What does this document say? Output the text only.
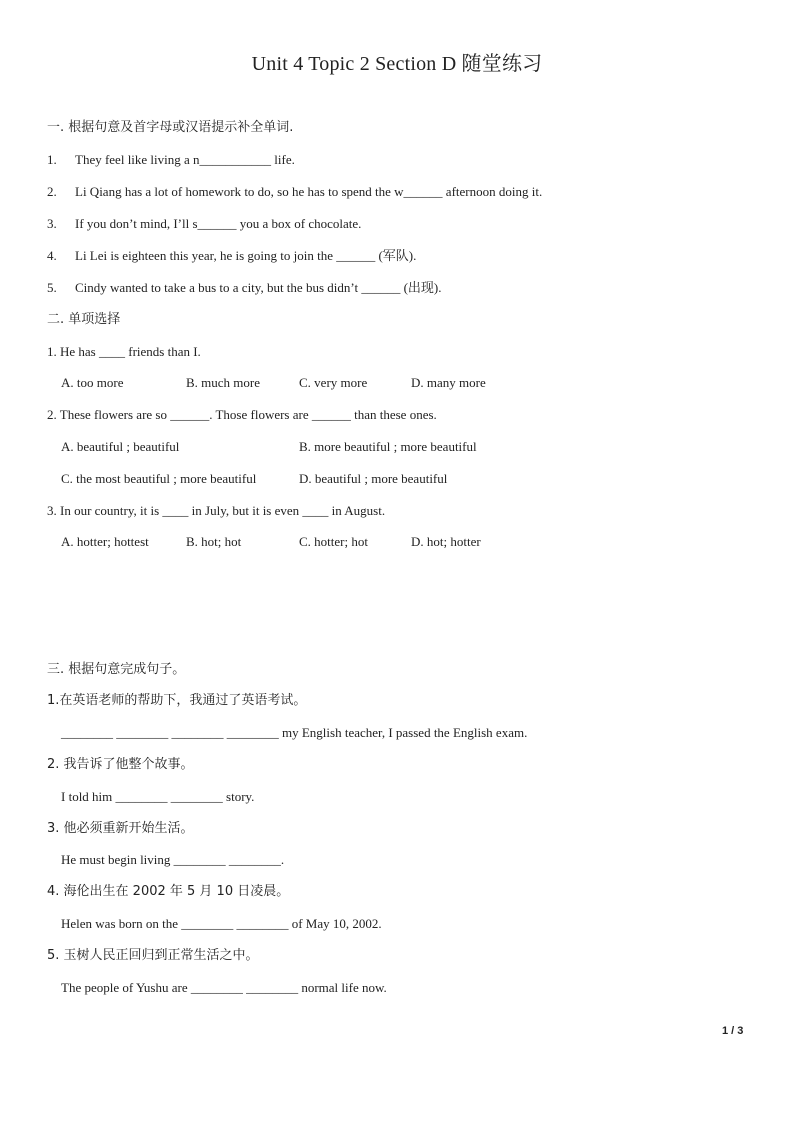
Unit 4 Topic 2 Section D 随堂练习
一. 根据句意及首字母或汉语提示补全单词.
1. They feel like living a n___________ life.
2. Li Qiang has a lot of homework to do, so he has to spend the w______ afternoon doing it.
3. If you don’t mind, I’ll s______ you a box of chocolate.
4. Li Lei is eighteen this year, he is going to join the ______ (军队).
5. Cindy wanted to take a bus to a city, but the bus didn’t ______ (出现).
二. 单项选择
1. He has ____ friends than I.
A. too more	B. much more	C. very more	D. many more
2. These flowers are so ______. Those flowers are ______ than these ones.
A. beautiful ; beautiful	B. more beautiful ; more beautiful
C. the most beautiful ; more beautiful	D. beautiful ; more beautiful
3. In our country, it is ____ in July, but it is even ____ in August.
A. hotter; hottest	B. hot; hot	C. hotter; hot	D. hot; hotter
三. 根据句意完成句子。
1.在英语老师的帮助下，我通过了英语考试。
________ ________ ________ ________ my English teacher, I passed the English exam.
2. 我告诉了他整个故事。
I told him ________ ________ story.
3. 他必须重新开始生活。
He must begin living ________ ________.
4. 海伦出生在 2002 年 5 月 10 日凌晨。
Helen was born on the ________ ________ of May 10, 2002.
5. 玉树人民正回归到正常生活之中。
The people of Yushu are ________ ________ normal life now.
1 / 3
